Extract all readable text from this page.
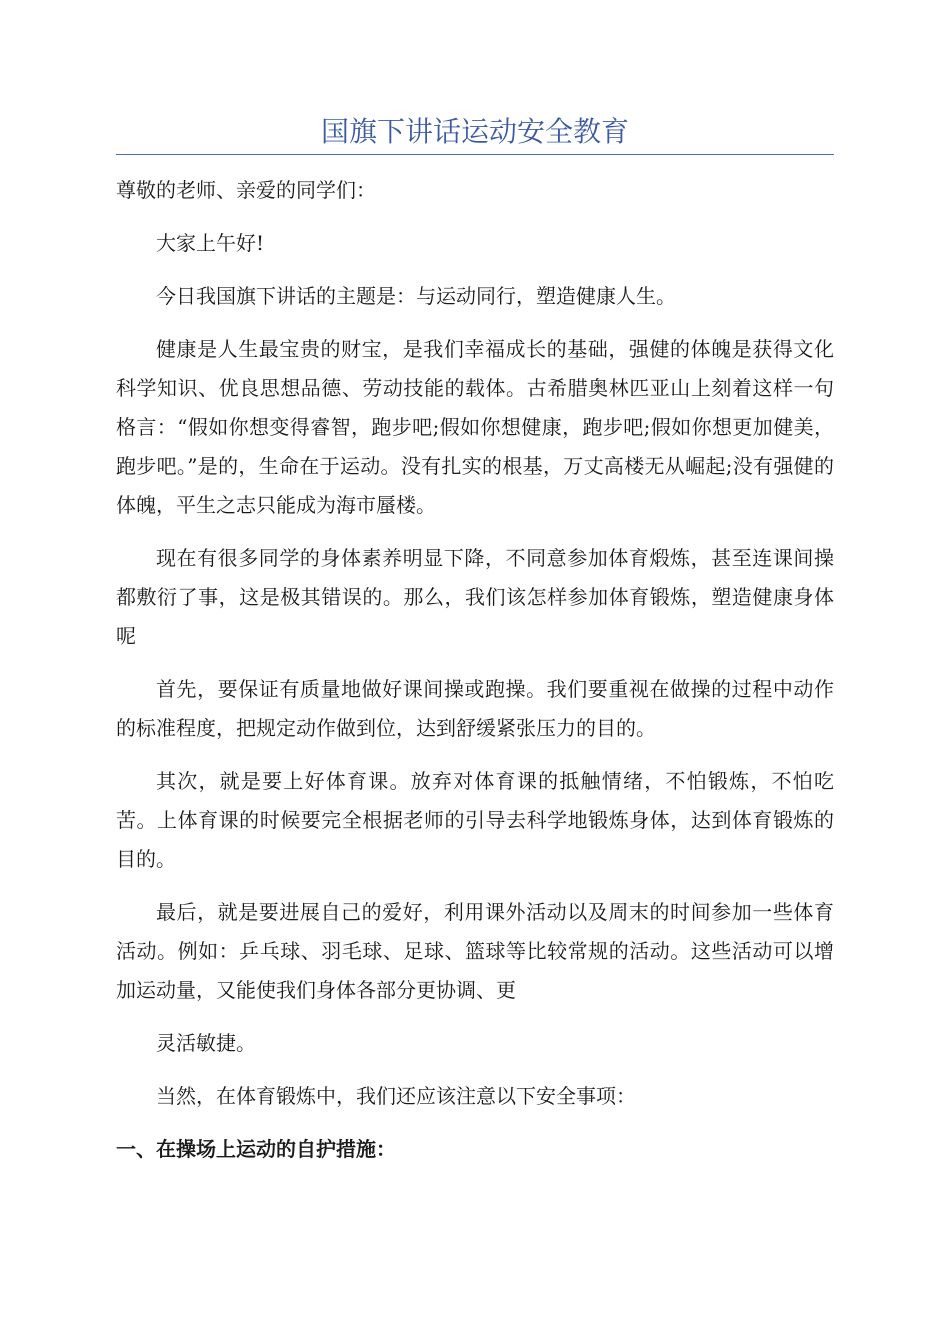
国旗下讲话运动安全教育

尊敬的老师、亲爱的同学们：

大家上午好!

今日我国旗下讲话的主题是：与运动同行，塑造健康人生。

健康是人生最宝贵的财宝，是我们幸福成长的基础，强健的体魄是获得文化科学知识、优良思想品德、劳动技能的载体。古希腊奥林匹亚山上刻着这样一句格言：“假如你想变得睿智，跑步吧;假如你想健康，跑步吧;假如你想更加健美，跑步吧。”是的，生命在于运动。没有扎实的根基，万丈高楼无从崛起;没有强健的体魄，平生之志只能成为海市蜃楼。

现在有很多同学的身体素养明显下降，不同意参加体育煅炼，甚至连课间操都敷衍了事，这是极其错误的。那么，我们该怎样参加体育锻炼，塑造健康身体呢

首先，要保证有质量地做好课间操或跑操。我们要重视在做操的过程中动作的标准程度，把规定动作做到位，达到舒缓紧张压力的目的。

其次，就是要上好体育课。放弃对体育课的抵触情绪，不怕锻炼，不怕吃苦。上体育课的时候要完全根据老师的引导去科学地锻炼身体，达到体育锻炼的目的。

最后，就是要进展自己的爱好，利用课外活动以及周末的时间参加一些体育活动。例如：乒乓球、羽毛球、足球、篮球等比较常规的活动。这些活动可以增加运动量，又能使我们身体各部分更协调、更

灵活敏捷。

当然，在体育锻炼中，我们还应该注意以下安全事项：

一、在操场上运动的自护措施：
